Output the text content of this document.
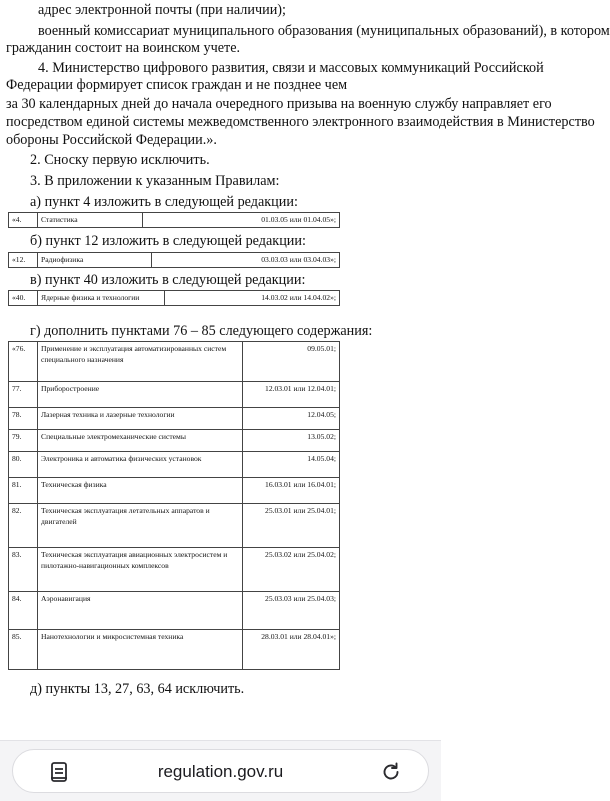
адрес электронной почты (при наличии);
военный комиссариат муниципального образования (муниципальных образований), в котором
гражданин состоит на воинском учете.
4. Министерство цифрового развития, связи и массовых коммуникаций Российской
Федерации формирует список граждан и не позднее чем
за 30 календарных дней до начала очередного призыва на военную службу направляет его
посредством единой системы межведомственного электронного взаимодействия в Министерство
обороны Российской Федерации.».
2. Сноску первую исключить.
3. В приложении к указанным Правилам:
а) пункт 4 изложить в следующей редакции:
«4.	Статистика	01.03.05 или 01.04.05»;
б) пункт 12 изложить в следующей редакции:
«12.	Радиофизика	03.03.03 или 03.04.03»;
в) пункт 40 изложить в следующей редакции:
«40.	Ядерные физика и технологии	14.03.02 или 14.04.02»;
г) дополнить пунктами 76 – 85 следующего содержания:
«76.	Применение и эксплуатация автоматизированных систем специального назначения	09.05.01;
77.	Приборостроение	12.03.01 или 12.04.01;
78.	Лазерная техника и лазерные технологии	12.04.05;
79.	Специальные электромеханические системы	13.05.02;
80.	Электроника и автоматика физических установок	14.05.04;
81.	Техническая физика	16.03.01 или 16.04.01;
82.	Техническая эксплуатация летательных аппаратов и двигателей	25.03.01 или 25.04.01;
83.	Техническая эксплуатация авиационных электросистем и пилотажно-навигационных комплексов	25.03.02 или 25.04.02;
84.	Аэронавигация	25.03.03 или 25.04.03;
85.	Нанотехнологии и микросистемная техника	28.03.01 или 28.04.01»;
д) пункты 13, 27, 63, 64 исключить.
regulation.gov.ru
